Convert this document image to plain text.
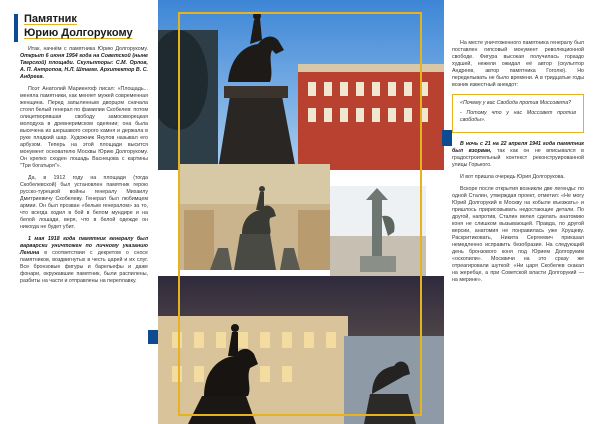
Памятник
Юрию Долгорукому

Итак, начнём с памятника Юрию Долгорукому. Открыт 6 июня 1954 года на Советской (ныне Тверской) площади. Скульпторы: С.М. Орлов, А. П. Антропов, Н.Л. Штамм. Архитектор В. С. Андреев.

Поэт Анатолий Мариенгоф писал: «Площадь... меняла памятники, как меняет мужей современная женщина. Перед запыленным дворцом сначала стоял белый генерал по фамилии Скобелев: потом олицетворявшая свободу замоскворецкая молодуха в древнеримском одеянии; она была высечена из шершавого серого камня и держала в руке пладкий шар. Художник Якулов называл его арбузом. Теперь на этой площади высится монумент основателю Москвы Юрию Долгорукому. Он крепко сходен лошадь Васнецова с картины "Три богатыря"».

Да, в 1912 году на площади (тогда Скобелевской) был установлен памятник герою русско-турецкой войны генералу Михаилу Дмитриевичу Скобелеву. Генерал был любимцем армии. Он был прозван «белым генералом» за то, что всегда ходил в бой в белом мундире и на белой лошади, веря, что в белой одежде он никогда не будет убит.

1 мая 1918 года памятник генералу был варварски уничтожен по личному указанию Ленина в соответствии с декретом о сносе памятников, воздвигнутых в честь царей и их слуг. Все бронзовые фигуры и барельефы и даже фонари, окружавшие памятник, были распилены, разбиты на части и отправлены на переплавку.

На месте уничтоженного памятника генералу был поставлен гипсовый монумент революционной свободе. Фигура высокая получилась гораздо худшей, нежели ожидал её автор (скульптор Андреев, автор памятника Гоголю). Но переделывать не было времени. А в тридцатые годы возник известный анекдот:

«Почему у вас Свобода против Моссовета?

- Потому что у нас Моссовет против свободы».

В ночь с 21 на 22 апреля 1941 года памятник был взорван, так как он не вписывался в градостроительный контекст реконструированной улицы Горького.

И вот пришла очередь Юрия Долгорукова.

Вскоре после открытия возникли две легенды: по одной Сталин, утверждая проект, отметил: «Не могу Юрий Долгорукий в Москву на кобыле въезжать» и пришлось пририсовывать недостающие детали. По другой, напротив, Сталин велел сделать анатомию коня не слишком вызывающей. Правда, по другой версии, анатомия не понравилась уже Хрущеву. Раскритиковать, Никита Сергеевич приказал немедленно исправить безобразие. На следующий день бронзового коня под Юрием Долгоруким «оскопили». Москвичи на это сразу же отреагировали шуткой: «Ни царя Скобелев скакал на жеребце, а при Советской власти Долгорукий — на мерине».
